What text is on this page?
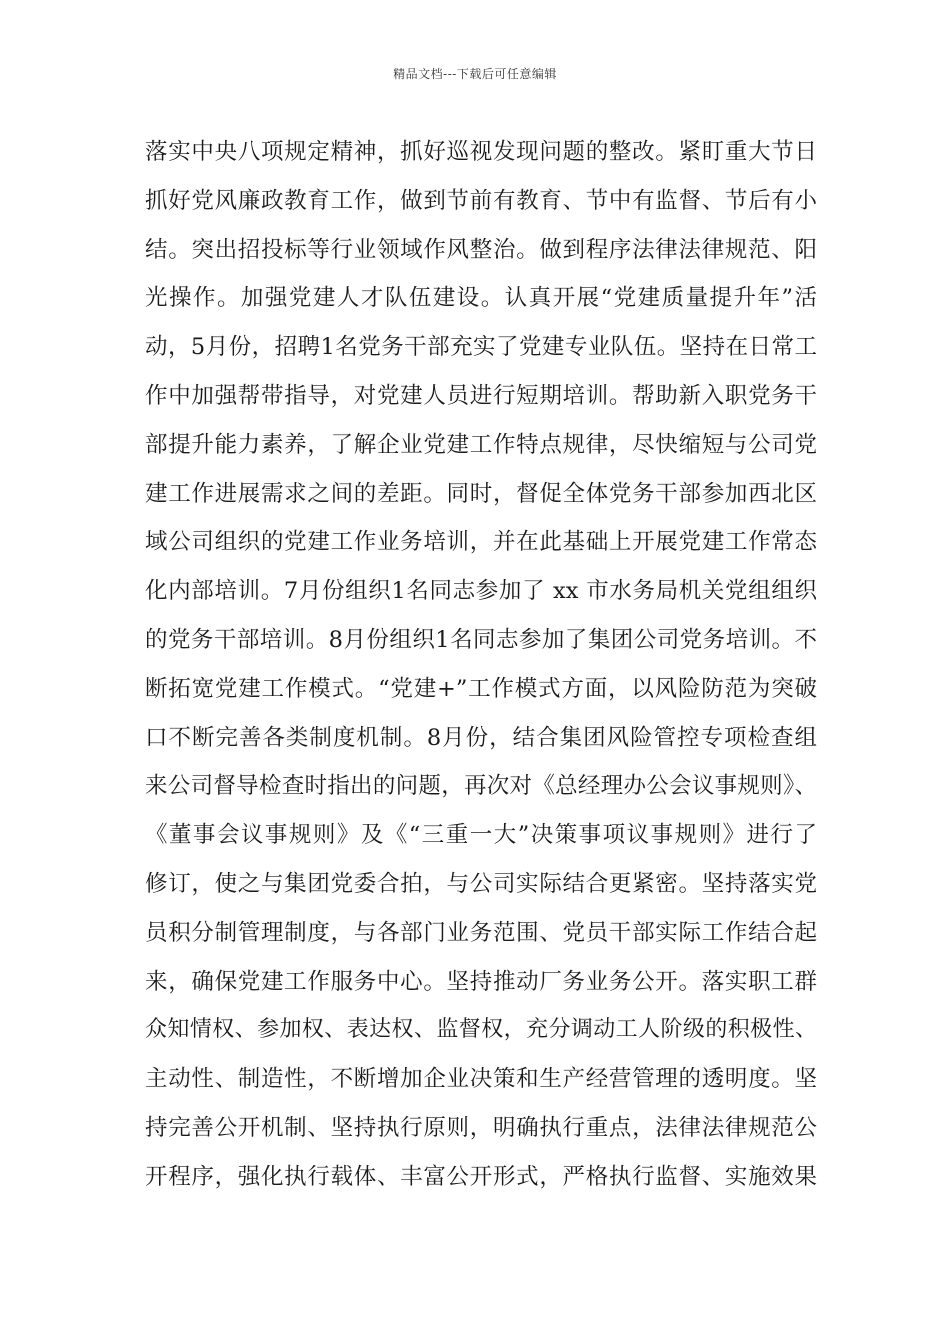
精品文档---下载后可任意编辑
落实中央八项规定精神，抓好巡视发现问题的整改。紧盯重大节日
抓好党风廉政教育工作，做到节前有教育、节中有监督、节后有小
结。突出招投标等行业领域作风整治。做到程序法律法律规范、阳
光操作。加强党建人才队伍建设。认真开展“党建质量提升年”活
动，5月份，招聘1名党务干部充实了党建专业队伍。坚持在日常工
作中加强帮带指导，对党建人员进行短期培训。帮助新入职党务干
部提升能力素养，了解企业党建工作特点规律，尽快缩短与公司党
建工作进展需求之间的差距。同时，督促全体党务干部参加西北区
域公司组织的党建工作业务培训，并在此基础上开展党建工作常态
化内部培训。7月份组织1名同志参加了 xx 市水务局机关党组组织
的党务干部培训。8月份组织1名同志参加了集团公司党务培训。不
断拓宽党建工作模式。“党建+”工作模式方面，以风险防范为突破
口不断完善各类制度机制。8月份，结合集团风险管控专项检查组
来公司督导检查时指出的问题，再次对《总经理办公会议事规则》、
《董事会议事规则》及《“三重一大”决策事项议事规则》进行了
修订，使之与集团党委合拍，与公司实际结合更紧密。坚持落实党
员积分制管理制度，与各部门业务范围、党员干部实际工作结合起
来，确保党建工作服务中心。坚持推动厂务业务公开。落实职工群
众知情权、参加权、表达权、监督权，充分调动工人阶级的积极性、
主动性、制造性，不断增加企业决策和生产经营管理的透明度。坚
持完善公开机制、坚持执行原则，明确执行重点，法律法律规范公
开程序，强化执行载体、丰富公开形式，严格执行监督、实施效果
